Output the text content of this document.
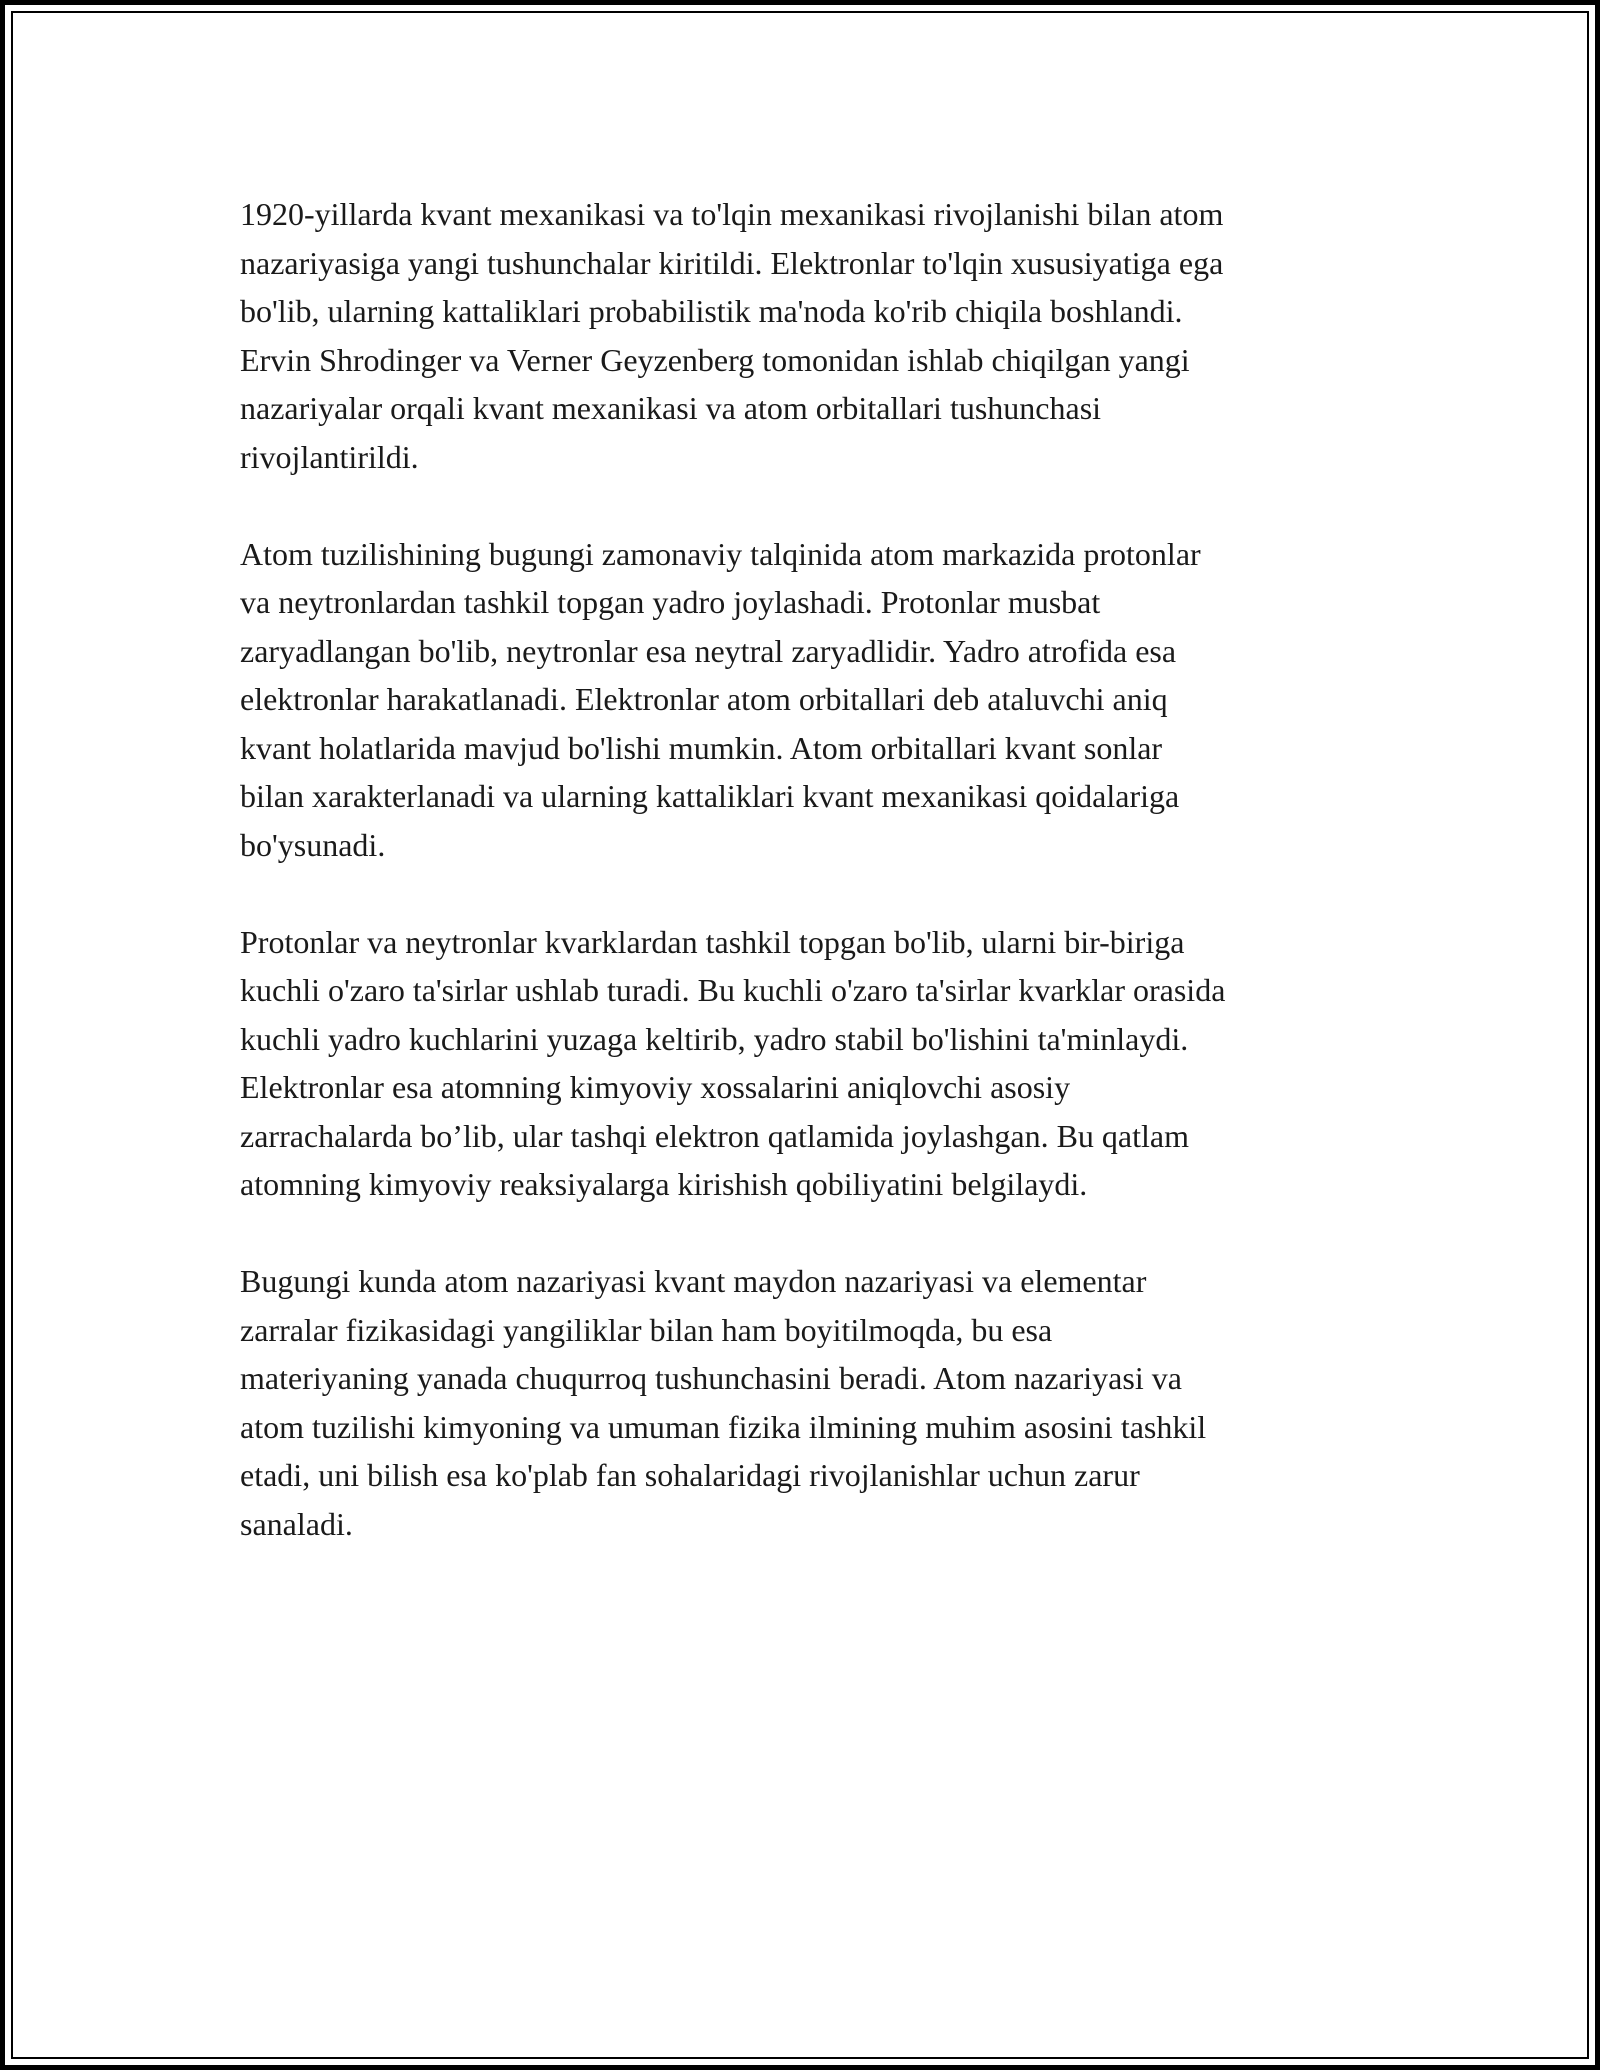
1920-yillarda kvant mexanikasi va to'lqin mexanikasi rivojlanishi bilan atom
nazariyasiga yangi tushunchalar kiritildi. Elektronlar to'lqin xususiyatiga ega
bo'lib, ularning kattaliklari probabilistik ma'noda ko'rib chiqila boshlandi.
Ervin Shrodinger va Verner Geyzenberg tomonidan ishlab chiqilgan yangi
nazariyalar orqali kvant mexanikasi va atom orbitallari tushunchasi
rivojlantirildi.

Atom tuzilishining bugungi zamonaviy talqinida atom markazida protonlar
va neytronlardan tashkil topgan yadro joylashadi. Protonlar musbat
zaryadlangan bo'lib, neytronlar esa neytral zaryadlidir. Yadro atrofida esa
elektronlar harakatlanadi. Elektronlar atom orbitallari deb ataluvchi aniq
kvant holatlarida mavjud bo'lishi mumkin. Atom orbitallari kvant sonlar
bilan xarakterlanadi va ularning kattaliklari kvant mexanikasi qoidalariga
bo'ysunadi.

Protonlar va neytronlar kvarklardan tashkil topgan bo'lib, ularni bir-biriga
kuchli o'zaro ta'sirlar ushlab turadi. Bu kuchli o'zaro ta'sirlar kvarklar orasida
kuchli yadro kuchlarini yuzaga keltirib, yadro stabil bo'lishini ta'minlaydi.
Elektronlar esa atomning kimyoviy xossalarini aniqlovchi asosiy
zarrachalarda bo’lib, ular tashqi elektron qatlamida joylashgan. Bu qatlam
atomning kimyoviy reaksiyalarga kirishish qobiliyatini belgilaydi.

Bugungi kunda atom nazariyasi kvant maydon nazariyasi va elementar
zarralar fizikasidagi yangiliklar bilan ham boyitilmoqda, bu esa
materiyaning yanada chuqurroq tushunchasini beradi. Atom nazariyasi va
atom tuzilishi kimyoning va umuman fizika ilmining muhim asosini tashkil
etadi, uni bilish esa ko'plab fan sohalaridagi rivojlanishlar uchun zarur
sanaladi.
